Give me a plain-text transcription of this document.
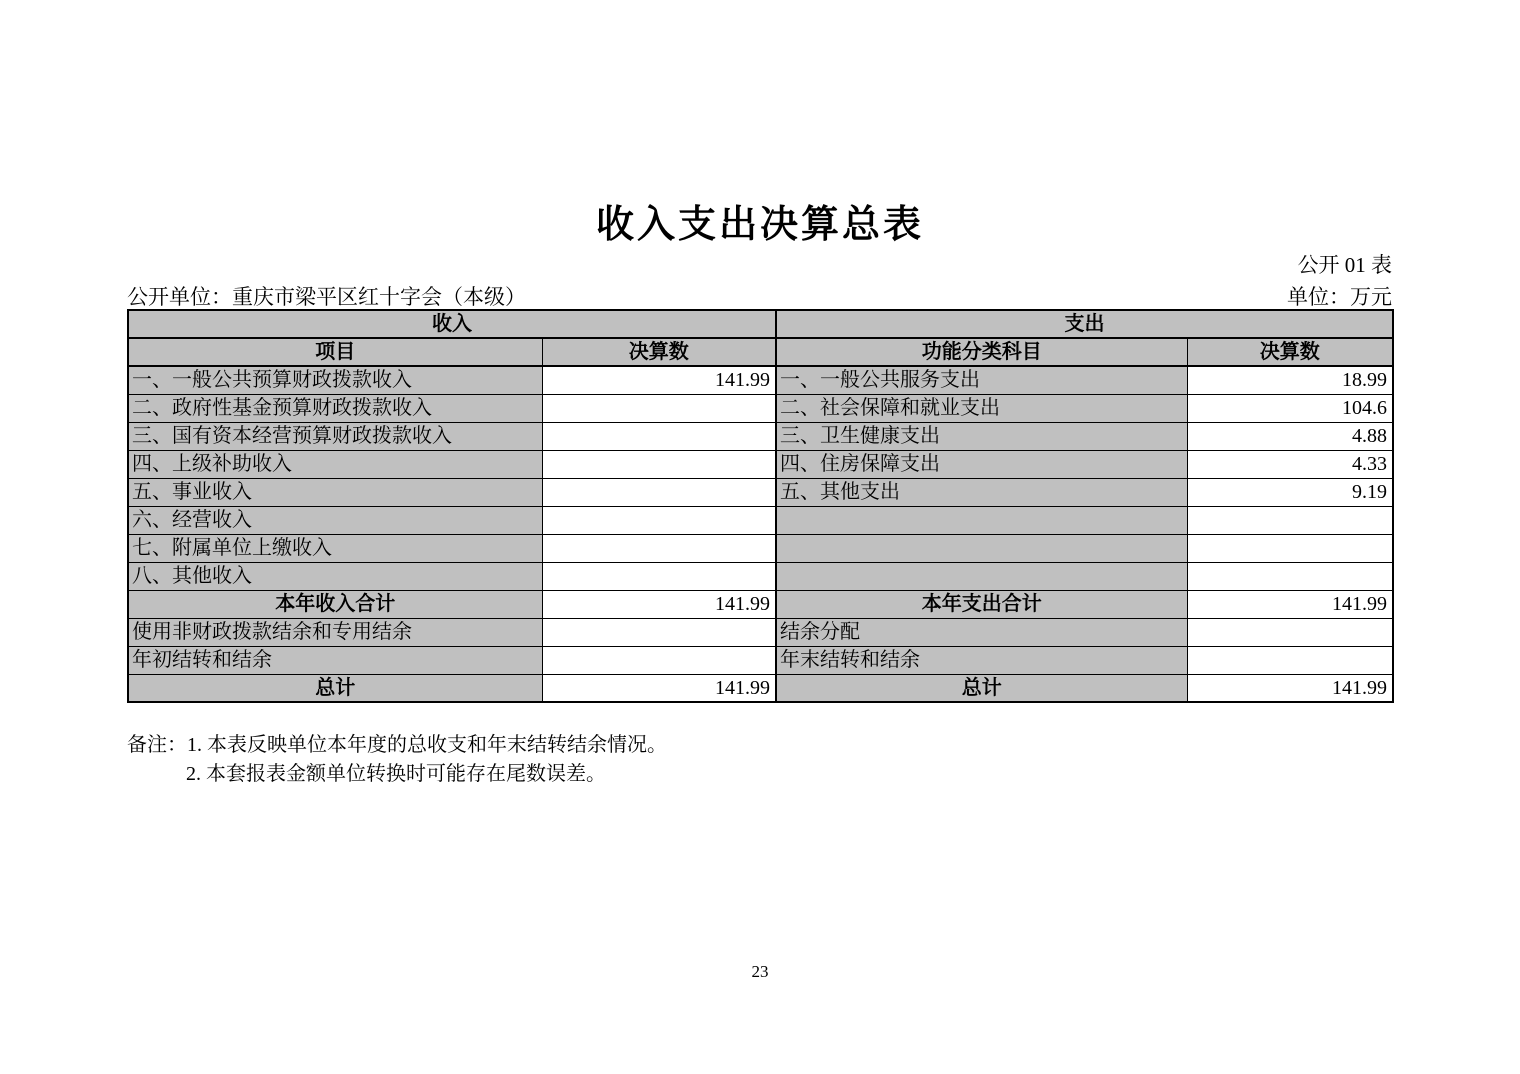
收入支出决算总表
公开 01 表
公开单位：重庆市梁平区红十字会（本级）	单位：万元
收入		支出	
项目	决算数	功能分类科目	决算数
一、一般公共预算财政拨款收入	141.99	一、一般公共服务支出	18.99
二、政府性基金预算财政拨款收入		二、社会保障和就业支出	104.6
三、国有资本经营预算财政拨款收入		三、卫生健康支出	4.88
四、上级补助收入		四、住房保障支出	4.33
五、事业收入		五、其他支出	9.19
六、经营收入			
七、附属单位上缴收入			
八、其他收入			
本年收入合计	141.99	本年支出合计	141.99
使用非财政拨款结余和专用结余		结余分配	
年初结转和结余		年末结转和结余	
总计	141.99	总计	141.99
备注：1. 本表反映单位本年度的总收支和年末结转结余情况。
2. 本套报表金额单位转换时可能存在尾数误差。
23
